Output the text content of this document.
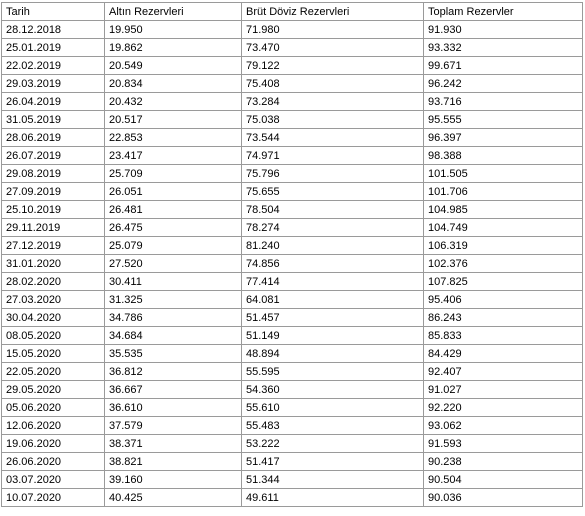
Tarih	Altın Rezervleri	Brüt Döviz Rezervleri	Toplam Rezervler
28.12.2018	19.950	71.980	91.930
25.01.2019	19.862	73.470	93.332
22.02.2019	20.549	79.122	99.671
29.03.2019	20.834	75.408	96.242
26.04.2019	20.432	73.284	93.716
31.05.2019	20.517	75.038	95.555
28.06.2019	22.853	73.544	96.397
26.07.2019	23.417	74.971	98.388
29.08.2019	25.709	75.796	101.505
27.09.2019	26.051	75.655	101.706
25.10.2019	26.481	78.504	104.985
29.11.2019	26.475	78.274	104.749
27.12.2019	25.079	81.240	106.319
31.01.2020	27.520	74.856	102.376
28.02.2020	30.411	77.414	107.825
27.03.2020	31.325	64.081	95.406
30.04.2020	34.786	51.457	86.243
08.05.2020	34.684	51.149	85.833
15.05.2020	35.535	48.894	84.429
22.05.2020	36.812	55.595	92.407
29.05.2020	36.667	54.360	91.027
05.06.2020	36.610	55.610	92.220
12.06.2020	37.579	55.483	93.062
19.06.2020	38.371	53.222	91.593
26.06.2020	38.821	51.417	90.238
03.07.2020	39.160	51.344	90.504
10.07.2020	40.425	49.611	90.036
